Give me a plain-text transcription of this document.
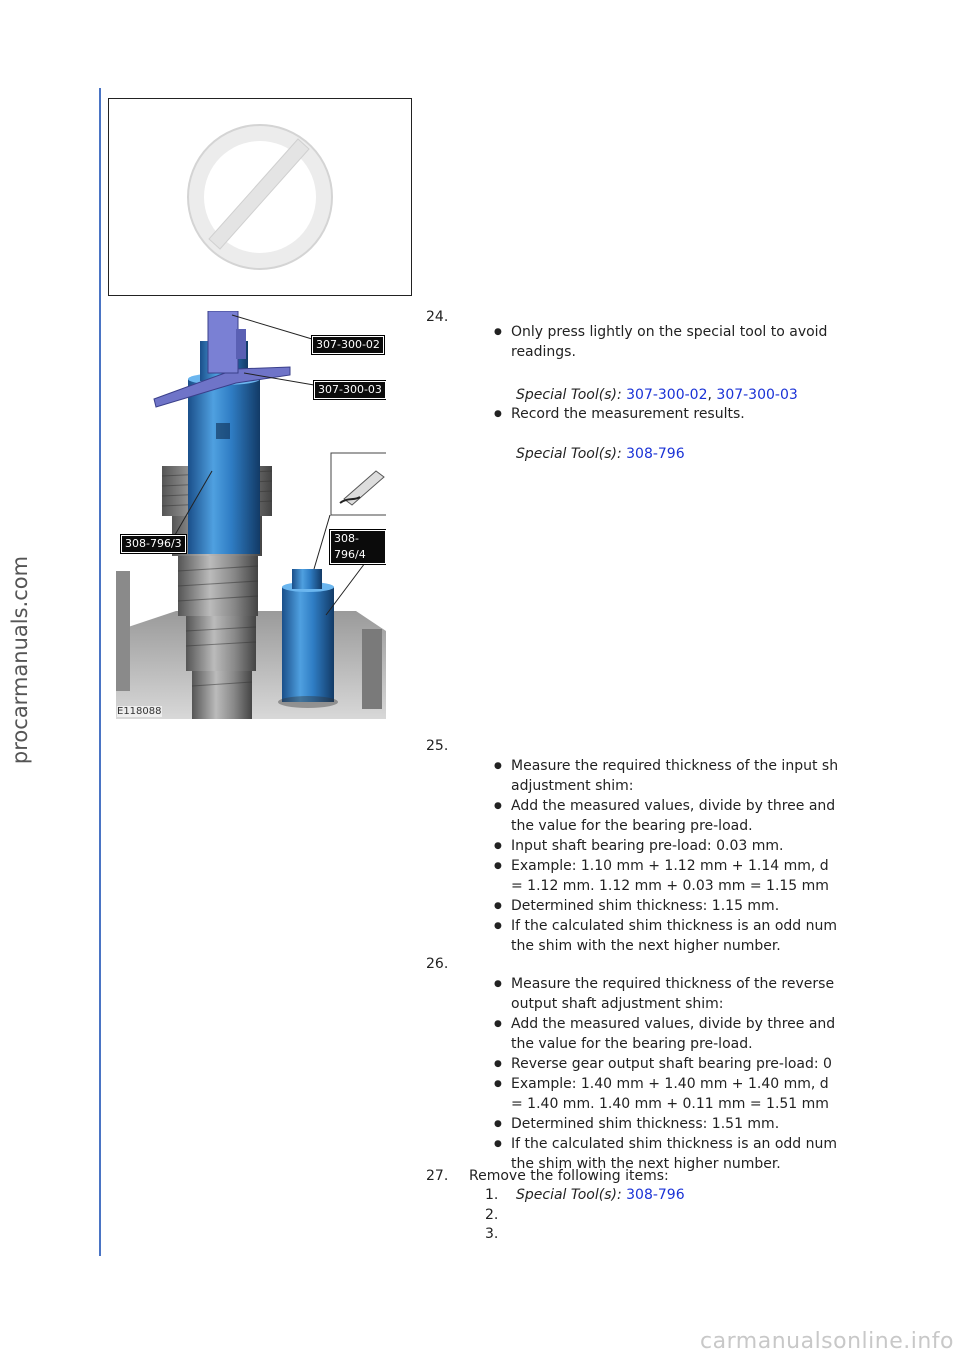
procarmanuals.com
307-300-02
307-300-03
308-796/3	308-796/4
E118088
24.
● Only press lightly on the special tool to avoid
readings.
Special Tool(s): 307-300-02, 307-300-03
● Record the measurement results.
Special Tool(s): 308-796
25.
● Measure the required thickness of the input sh
adjustment shim:
● Add the measured values, divide by three and
the value for the bearing pre-load.
● Input shaft bearing pre-load: 0.03 mm.
● Example: 1.10 mm + 1.12 mm + 1.14 mm, d
= 1.12 mm. 1.12 mm + 0.03 mm = 1.15 mm
● Determined shim thickness: 1.15 mm.
● If the calculated shim thickness is an odd num
the shim with the next higher number.
26.
● Measure the required thickness of the reverse
output shaft adjustment shim:
● Add the measured values, divide by three and
the value for the bearing pre-load.
● Reverse gear output shaft bearing pre-load: 0
● Example: 1.40 mm + 1.40 mm + 1.40 mm, d
= 1.40 mm. 1.40 mm + 0.11 mm = 1.51 mm
● Determined shim thickness: 1.51 mm.
● If the calculated shim thickness is an odd num
the shim with the next higher number.
27. Remove the following items:
1. Special Tool(s): 308-796
2.
3.
carmanualsonline.info
